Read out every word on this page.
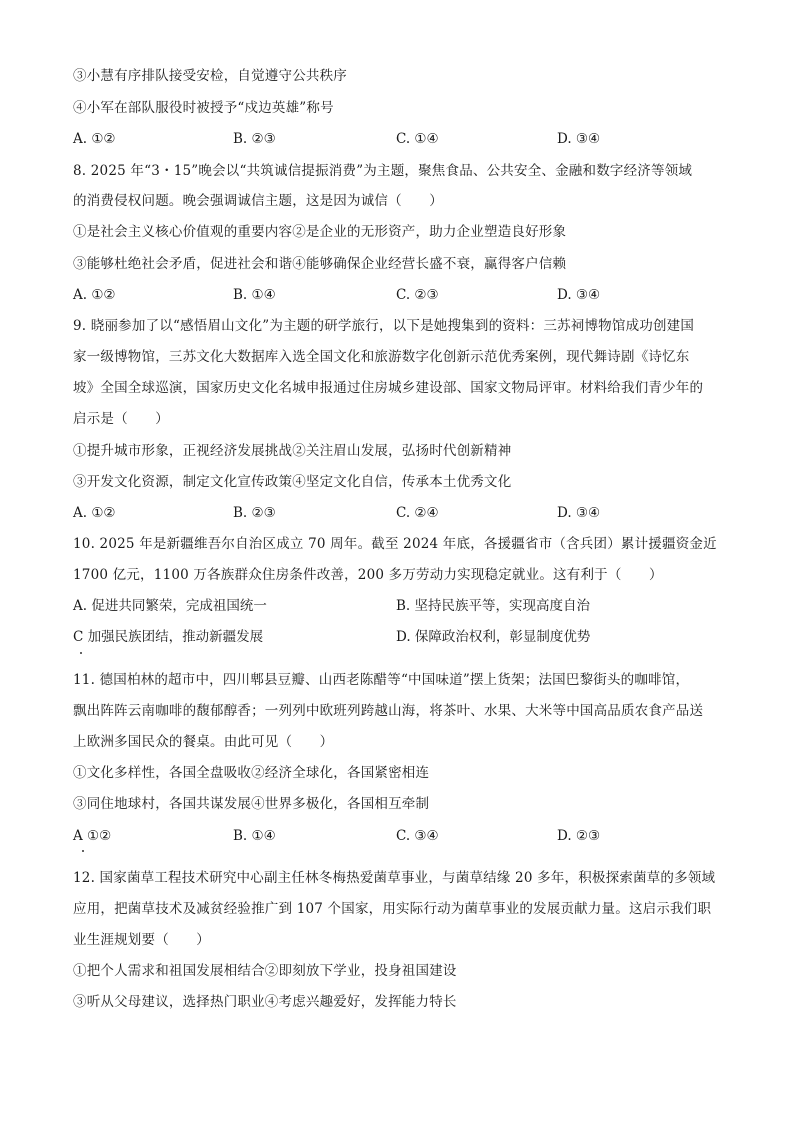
③小慧有序排队接受安检，自觉遵守公共秩序
④小军在部队服役时被授予“戍边英雄”称号
A. ①②	B. ②③	C. ①④	D. ③④
8. 2025 年“3・15”晚会以“共筑诚信提振消费”为主题，聚焦食品、公共安全、金融和数字经济等领域
的消费侵权问题。晚会强调诚信主题，这是因为诚信（　　）
①是社会主义核心价值观的重要内容②是企业的无形资产，助力企业塑造良好形象
③能够杜绝社会矛盾，促进社会和谐④能够确保企业经营长盛不衰，赢得客户信赖
A. ①②	B. ①④	C. ②③	D. ③④
9. 晓丽参加了以“感悟眉山文化”为主题的研学旅行，以下是她搜集到的资料：三苏祠博物馆成功创建国
家一级博物馆，三苏文化大数据库入选全国文化和旅游数字化创新示范优秀案例，现代舞诗剧《诗忆东
坡》全国全球巡演，国家历史文化名城申报通过住房城乡建设部、国家文物局评审。材料给我们青少年的
启示是（　　）
①提升城市形象，正视经济发展挑战②关注眉山发展，弘扬时代创新精神
③开发文化资源，制定文化宣传政策④坚定文化自信，传承本土优秀文化
A. ①②	B. ②③	C. ②④	D. ③④
10. 2025 年是新疆维吾尔自治区成立 70 周年。截至 2024 年底，各援疆省市（含兵团）累计援疆资金近
1700 亿元，1100 万各族群众住房条件改善，200 多万劳动力实现稳定就业。这有利于（　　）
A. 促进共同繁荣，完成祖国统一	B. 坚持民族平等，实现高度自治
C 加强民族团结，推动新疆发展	D. 保障政治权利，彰显制度优势
11. 德国柏林的超市中，四川郫县豆瓣、山西老陈醋等“中国味道”摆上货架；法国巴黎街头的咖啡馆，
飘出阵阵云南咖啡的馥郁醇香；一列列中欧班列跨越山海，将茶叶、水果、大米等中国高品质农食产品送
上欧洲多国民众的餐桌。由此可见（　　）
①文化多样性，各国全盘吸收②经济全球化，各国紧密相连
③同住地球村，各国共谋发展④世界多极化，各国相互牵制
A ①②	B. ①④	C. ③④	D. ②③
12. 国家菌草工程技术研究中心副主任林冬梅热爱菌草事业，与菌草结缘 20 多年，积极探索菌草的多领域
应用，把菌草技术及减贫经验推广到 107 个国家，用实际行动为菌草事业的发展贡献力量。这启示我们职
业生涯规划要（　　）
①把个人需求和祖国发展相结合②即刻放下学业，投身祖国建设
③听从父母建议，选择热门职业④考虑兴趣爱好，发挥能力特长
